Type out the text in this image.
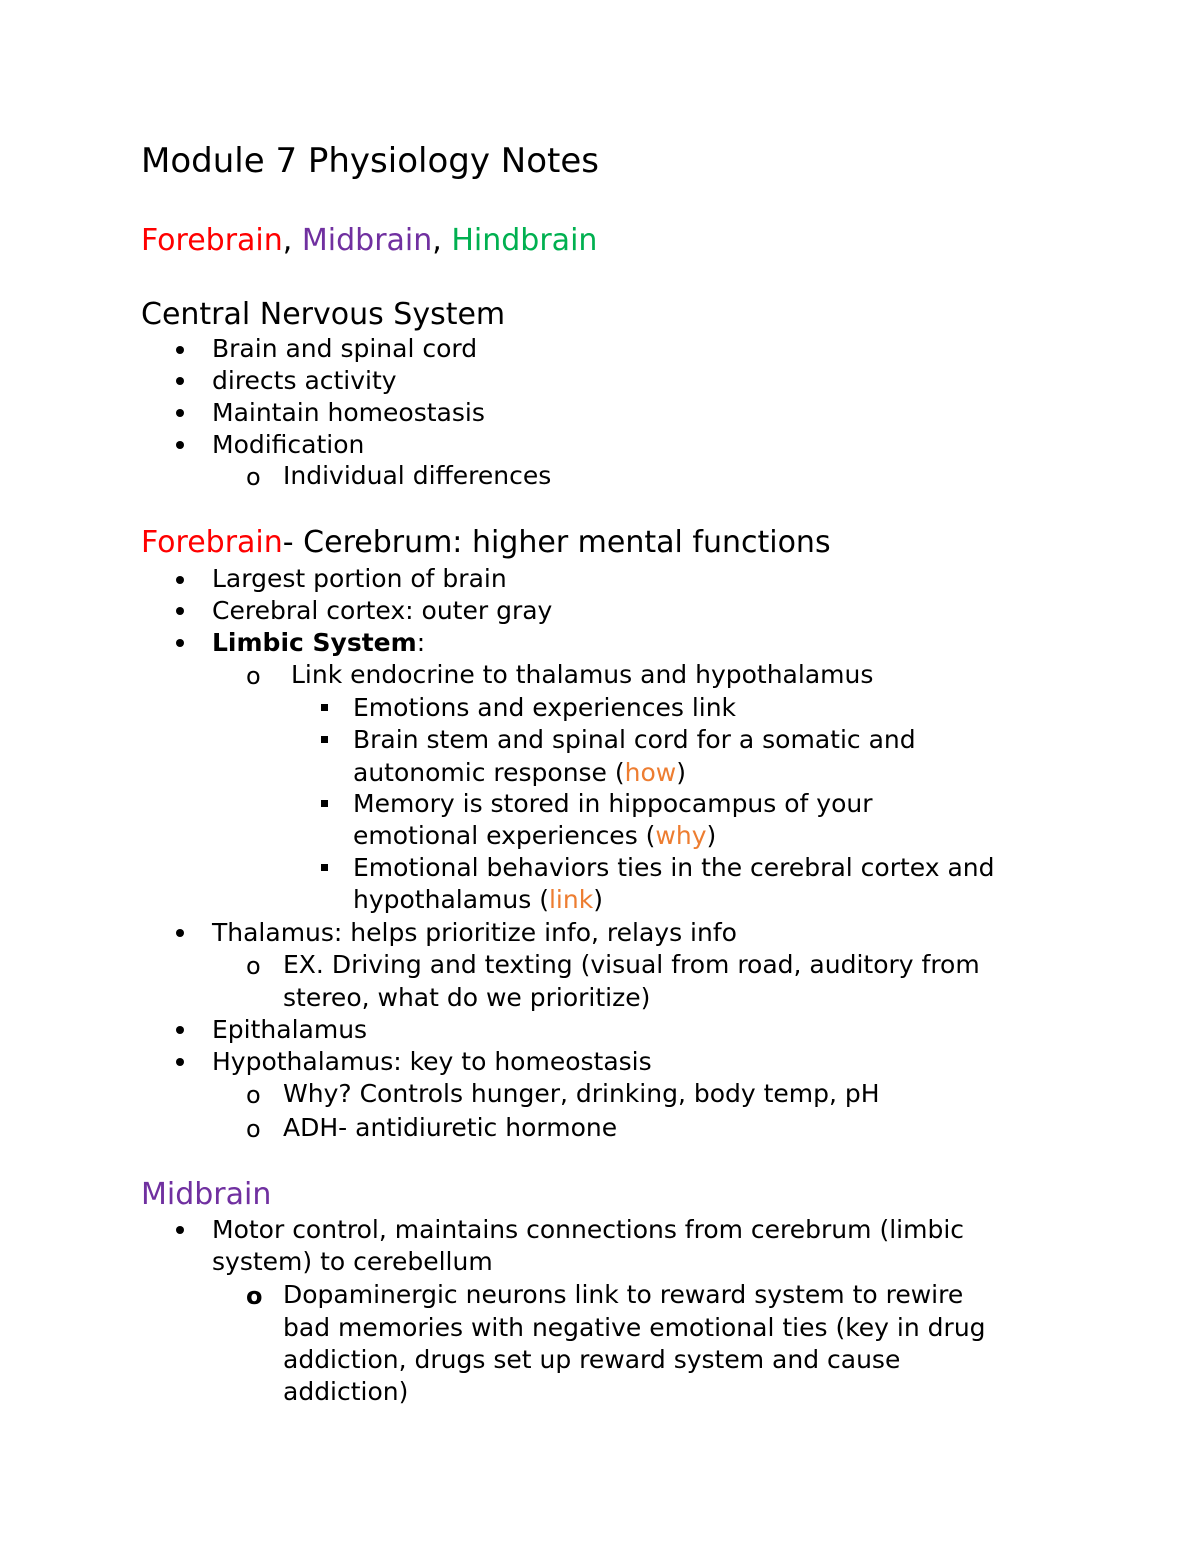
Module 7 Physiology Notes
Forebrain, Midbrain, Hindbrain
Central Nervous System
Brain and spinal cord
directs activity
Maintain homeostasis
Modification
o Individual differences
Forebrain- Cerebrum: higher mental functions
Largest portion of brain
Cerebral cortex: outer gray
Limbic System:
o Link endocrine to thalamus and hypothalamus
Emotions and experiences link
Brain stem and spinal cord for a somatic and
autonomic response (how)
Memory is stored in hippocampus of your
emotional experiences (why)
Emotional behaviors ties in the cerebral cortex and
hypothalamus (link)
Thalamus: helps prioritize info, relays info
o EX. Driving and texting (visual from road, auditory from
stereo, what do we prioritize)
Epithalamus
Hypothalamus: key to homeostasis
o Why? Controls hunger, drinking, body temp, pH
o ADH- antidiuretic hormone
Midbrain
Motor control, maintains connections from cerebrum (limbic
system) to cerebellum
o Dopaminergic neurons link to reward system to rewire
bad memories with negative emotional ties (key in drug
addiction, drugs set up reward system and cause
addiction)
